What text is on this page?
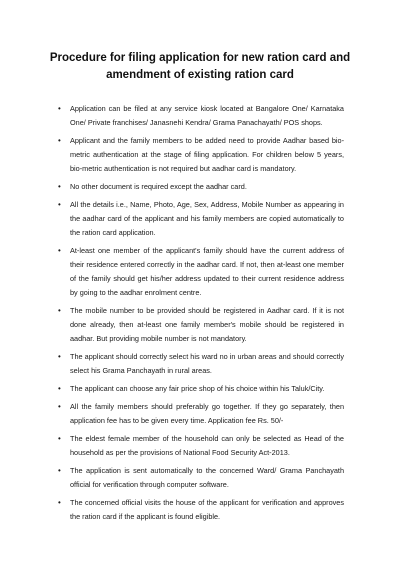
Procedure for filing application for new ration card and
amendment of existing ration card
• Application can be filed at any service kiosk located at Bangalore One/ Karnataka One/ Private franchises/ Janasnehi Kendra/ Grama Panachayath/ POS shops.
• Applicant and the family members to be added need to provide Aadhar based bio-metric authentication at the stage of filing application. For children below 5 years, bio-metric authentication is not required but aadhar card is mandatory.
• No other document is required except the aadhar card.
• All the details i.e., Name, Photo, Age, Sex, Address, Mobile Number as appearing in the aadhar card of the applicant and his family members are copied automatically to the ration card application.
• At-least one member of the applicant's family should have the current address of their residence entered correctly in the aadhar card. If not, then at-least one member of the family should get his/her address updated to their current residence address by going to the aadhar enrolment centre.
• The mobile number to be provided should be registered in Aadhar card. If it is not done already, then at-least one family member's mobile should be registered in aadhar. But providing mobile number is not mandatory.
• The applicant should correctly select his ward no in urban areas and should correctly select his Grama Panchayath in rural areas.
• The applicant can choose any fair price shop of his choice within his Taluk/City.
• All the family members should preferably go together. If they go separately, then application fee has to be given every time. Application fee Rs. 50/-
• The eldest female member of the household can only be selected as Head of the household as per the provisions of National Food Security Act-2013.
• The application is sent automatically to the concerned Ward/ Grama Panchayath official for verification through computer software.
• The concerned official visits the house of the applicant for verification and approves the ration card if the applicant is found eligible.
